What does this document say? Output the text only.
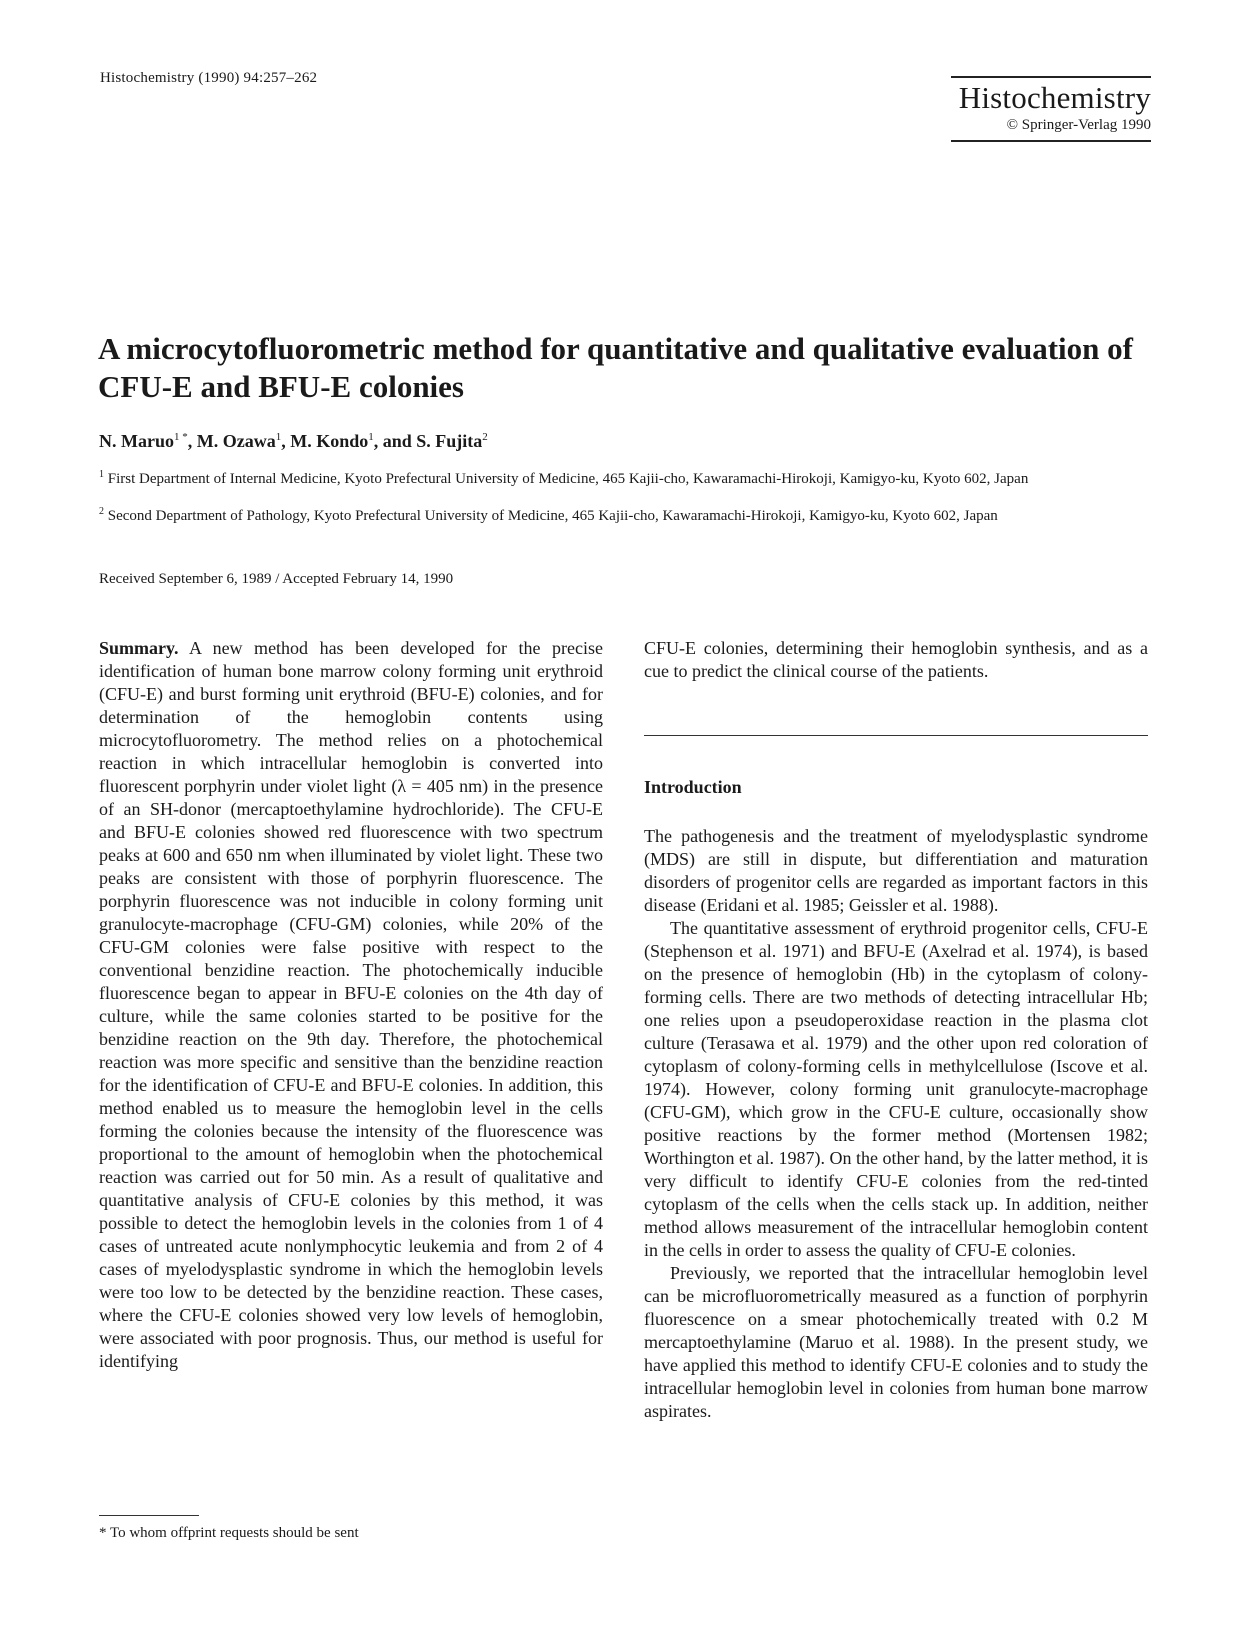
Histochemistry (1990) 94:257–262
Histochemistry
© Springer-Verlag 1990
A microcytofluorometric method for quantitative and qualitative evaluation of CFU-E and BFU-E colonies
N. Maruo$^{1 *}$, M. Ozawa$^1$, M. Kondo$^1$, and S. Fujita$^2$
$^1$ First Department of Internal Medicine, Kyoto Prefectural University of Medicine, 465 Kajii-cho, Kawaramachi-Hirokoji, Kamigyo-ku, Kyoto 602, Japan
$^2$ Second Department of Pathology, Kyoto Prefectural University of Medicine, 465 Kajii-cho, Kawaramachi-Hirokoji, Kamigyo-ku, Kyoto 602, Japan
Received September 6, 1989 / Accepted February 14, 1990

Summary. A new method has been developed for the precise identification of human bone marrow colony forming unit erythroid (CFU-E) and burst forming unit erythroid (BFU-E) colonies, and for determination of the hemoglobin contents using microcytofluorometry. The method relies on a photochemical reaction in which intracellular hemoglobin is converted into fluorescent porphyrin under violet light (λ = 405 nm) in the presence of an SH-donor (mercaptoethylamine hydrochloride). The CFU-E and BFU-E colonies showed red fluorescence with two spectrum peaks at 600 and 650 nm when illuminated by violet light. These two peaks are consistent with those of porphyrin fluorescence. The porphyrin fluorescence was not inducible in colony forming unit granulocyte-macrophage (CFU-GM) colonies, while 20% of the CFU-GM colonies were false positive with respect to the conventional benzidine reaction. The photochemically inducible fluorescence began to appear in BFU-E colonies on the 4th day of culture, while the same colonies started to be positive for the benzidine reaction on the 9th day. Therefore, the photochemical reaction was more specific and sensitive than the benzidine reaction for the identification of CFU-E and BFU-E colonies. In addition, this method enabled us to measure the hemoglobin level in the cells forming the colonies because the intensity of the fluorescence was proportional to the amount of hemoglobin when the photochemical reaction was carried out for 50 min. As a result of qualitative and quantitative analysis of CFU-E colonies by this method, it was possible to detect the hemoglobin levels in the colonies from 1 of 4 cases of untreated acute nonlymphocytic leukemia and from 2 of 4 cases of myelodysplastic syndrome in which the hemoglobin levels were too low to be detected by the benzidine reaction. These cases, where the CFU-E colonies showed very low levels of hemoglobin, were associated with poor prognosis. Thus, our method is useful for identifying

CFU-E colonies, determining their hemoglobin synthesis, and as a cue to predict the clinical course of the patients.

Introduction

The pathogenesis and the treatment of myelodysplastic syndrome (MDS) are still in dispute, but differentiation and maturation disorders of progenitor cells are regarded as important factors in this disease (Eridani et al. 1985; Geissler et al. 1988).

The quantitative assessment of erythroid progenitor cells, CFU-E (Stephenson et al. 1971) and BFU-E (Axelrad et al. 1974), is based on the presence of hemoglobin (Hb) in the cytoplasm of colony-forming cells. There are two methods of detecting intracellular Hb; one relies upon a pseudoperoxidase reaction in the plasma clot culture (Terasawa et al. 1979) and the other upon red coloration of cytoplasm of colony-forming cells in methylcellulose (Iscove et al. 1974). However, colony forming unit granulocyte-macrophage (CFU-GM), which grow in the CFU-E culture, occasionally show positive reactions by the former method (Mortensen 1982; Worthington et al. 1987). On the other hand, by the latter method, it is very difficult to identify CFU-E colonies from the red-tinted cytoplasm of the cells when the cells stack up. In addition, neither method allows measurement of the intracellular hemoglobin content in the cells in order to assess the quality of CFU-E colonies.

Previously, we reported that the intracellular hemoglobin level can be microfluorometrically measured as a function of porphyrin fluorescence on a smear photochemically treated with 0.2 M mercaptoethylamine (Maruo et al. 1988). In the present study, we have applied this method to identify CFU-E colonies and to study the intracellular hemoglobin level in colonies from human bone marrow aspirates.

* To whom offprint requests should be sent
